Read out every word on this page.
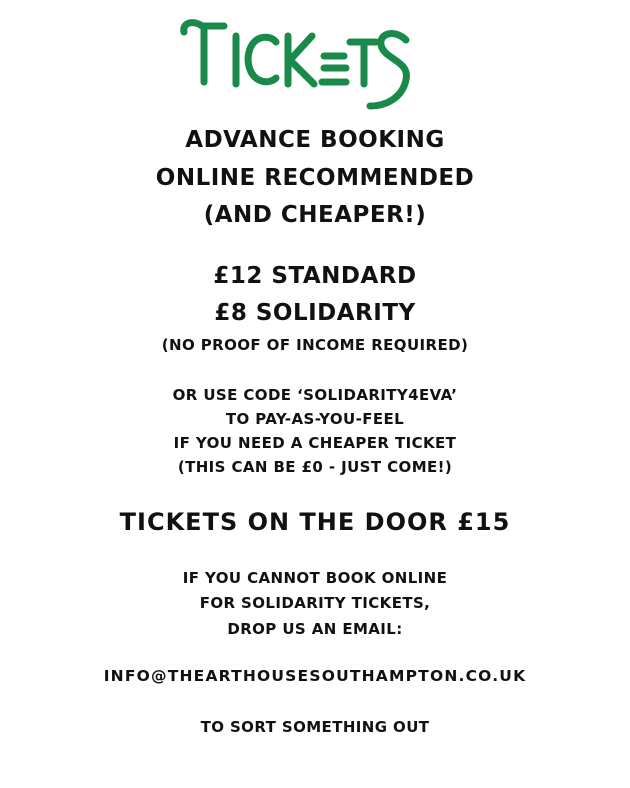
ADVANCE BOOKING
ONLINE RECOMMENDED
(AND CHEAPER!)
£12 STANDARD
£8 SOLIDARITY
(NO PROOF OF INCOME REQUIRED)
OR USE CODE ‘SOLIDARITY4EVA’
TO PAY-AS-YOU-FEEL
IF YOU NEED A CHEAPER TICKET
(THIS CAN BE £0 - JUST COME!)
TICKETS ON THE DOOR £15
IF YOU CANNOT BOOK ONLINE
FOR SOLIDARITY TICKETS,
DROP US AN EMAIL:
INFO@THEARTHOUSESOUTHAMPTON.CO.UK
TO SORT SOMETHING OUT
